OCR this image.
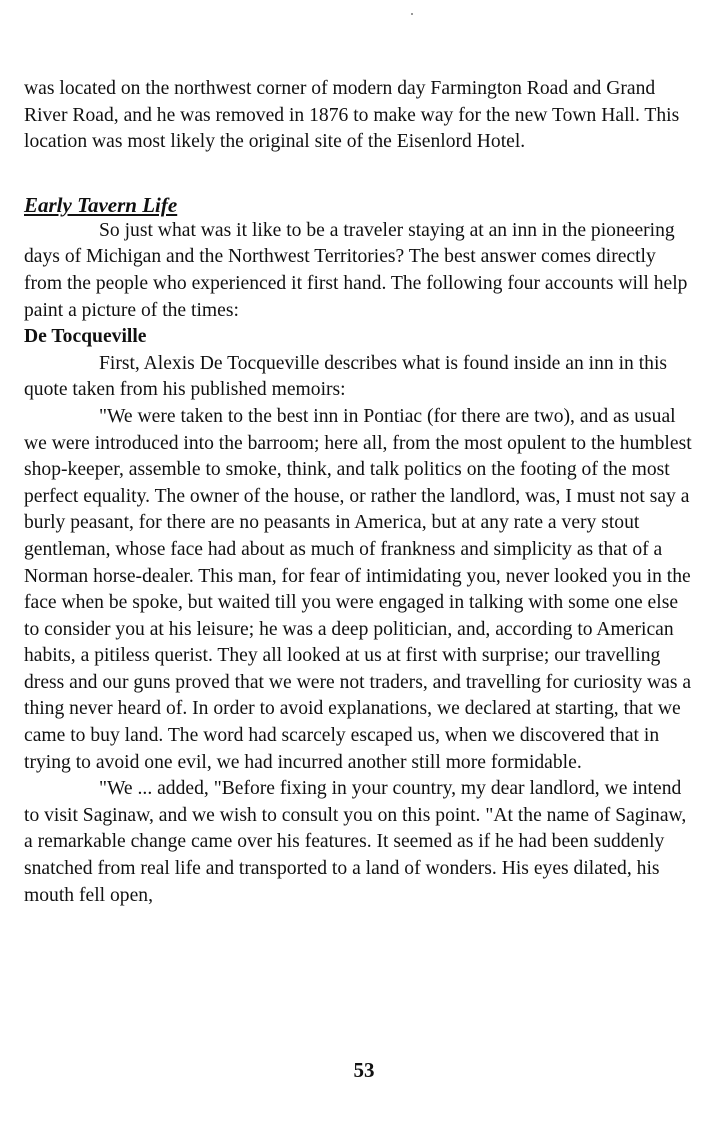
was located on the northwest corner of modern day Farmington Road and Grand River Road, and he was removed in 1876 to make way for the new Town Hall. This location was most likely the original site of the Eisenlord Hotel.

Early Tavern Life

So just what was it like to be a traveler staying at an inn in the pioneering days of Michigan and the Northwest Territories? The best answer comes directly from the people who experienced it first hand. The following four accounts will help paint a picture of the times:

De Tocqueville

First, Alexis De Tocqueville describes what is found inside an inn in this quote taken from his published memoirs:

"We were taken to the best inn in Pontiac (for there are two), and as usual we were introduced into the barroom; here all, from the most opulent to the humblest shop-keeper, assemble to smoke, think, and talk politics on the footing of the most perfect equality. The owner of the house, or rather the landlord, was, I must not say a burly peasant, for there are no peasants in America, but at any rate a very stout gentleman, whose face had about as much of frankness and simplicity as that of a Norman horse-dealer. This man, for fear of intimidating you, never looked you in the face when be spoke, but waited till you were engaged in talking with some one else to consider you at his leisure; he was a deep politician, and, according to American habits, a pitiless querist. They all looked at us at first with surprise; our travelling dress and our guns proved that we were not traders, and travelling for curiosity was a thing never heard of. In order to avoid explanations, we declared at starting, that we came to buy land. The word had scarcely escaped us, when we discovered that in trying to avoid one evil, we had incurred another still more formidable.

"We ... added, "Before fixing in your country, my dear landlord, we intend to visit Saginaw, and we wish to consult you on this point. "At the name of Saginaw, a remarkable change came over his features. It seemed as if he had been suddenly snatched from real life and transported to a land of wonders. His eyes dilated, his mouth fell open,

53
